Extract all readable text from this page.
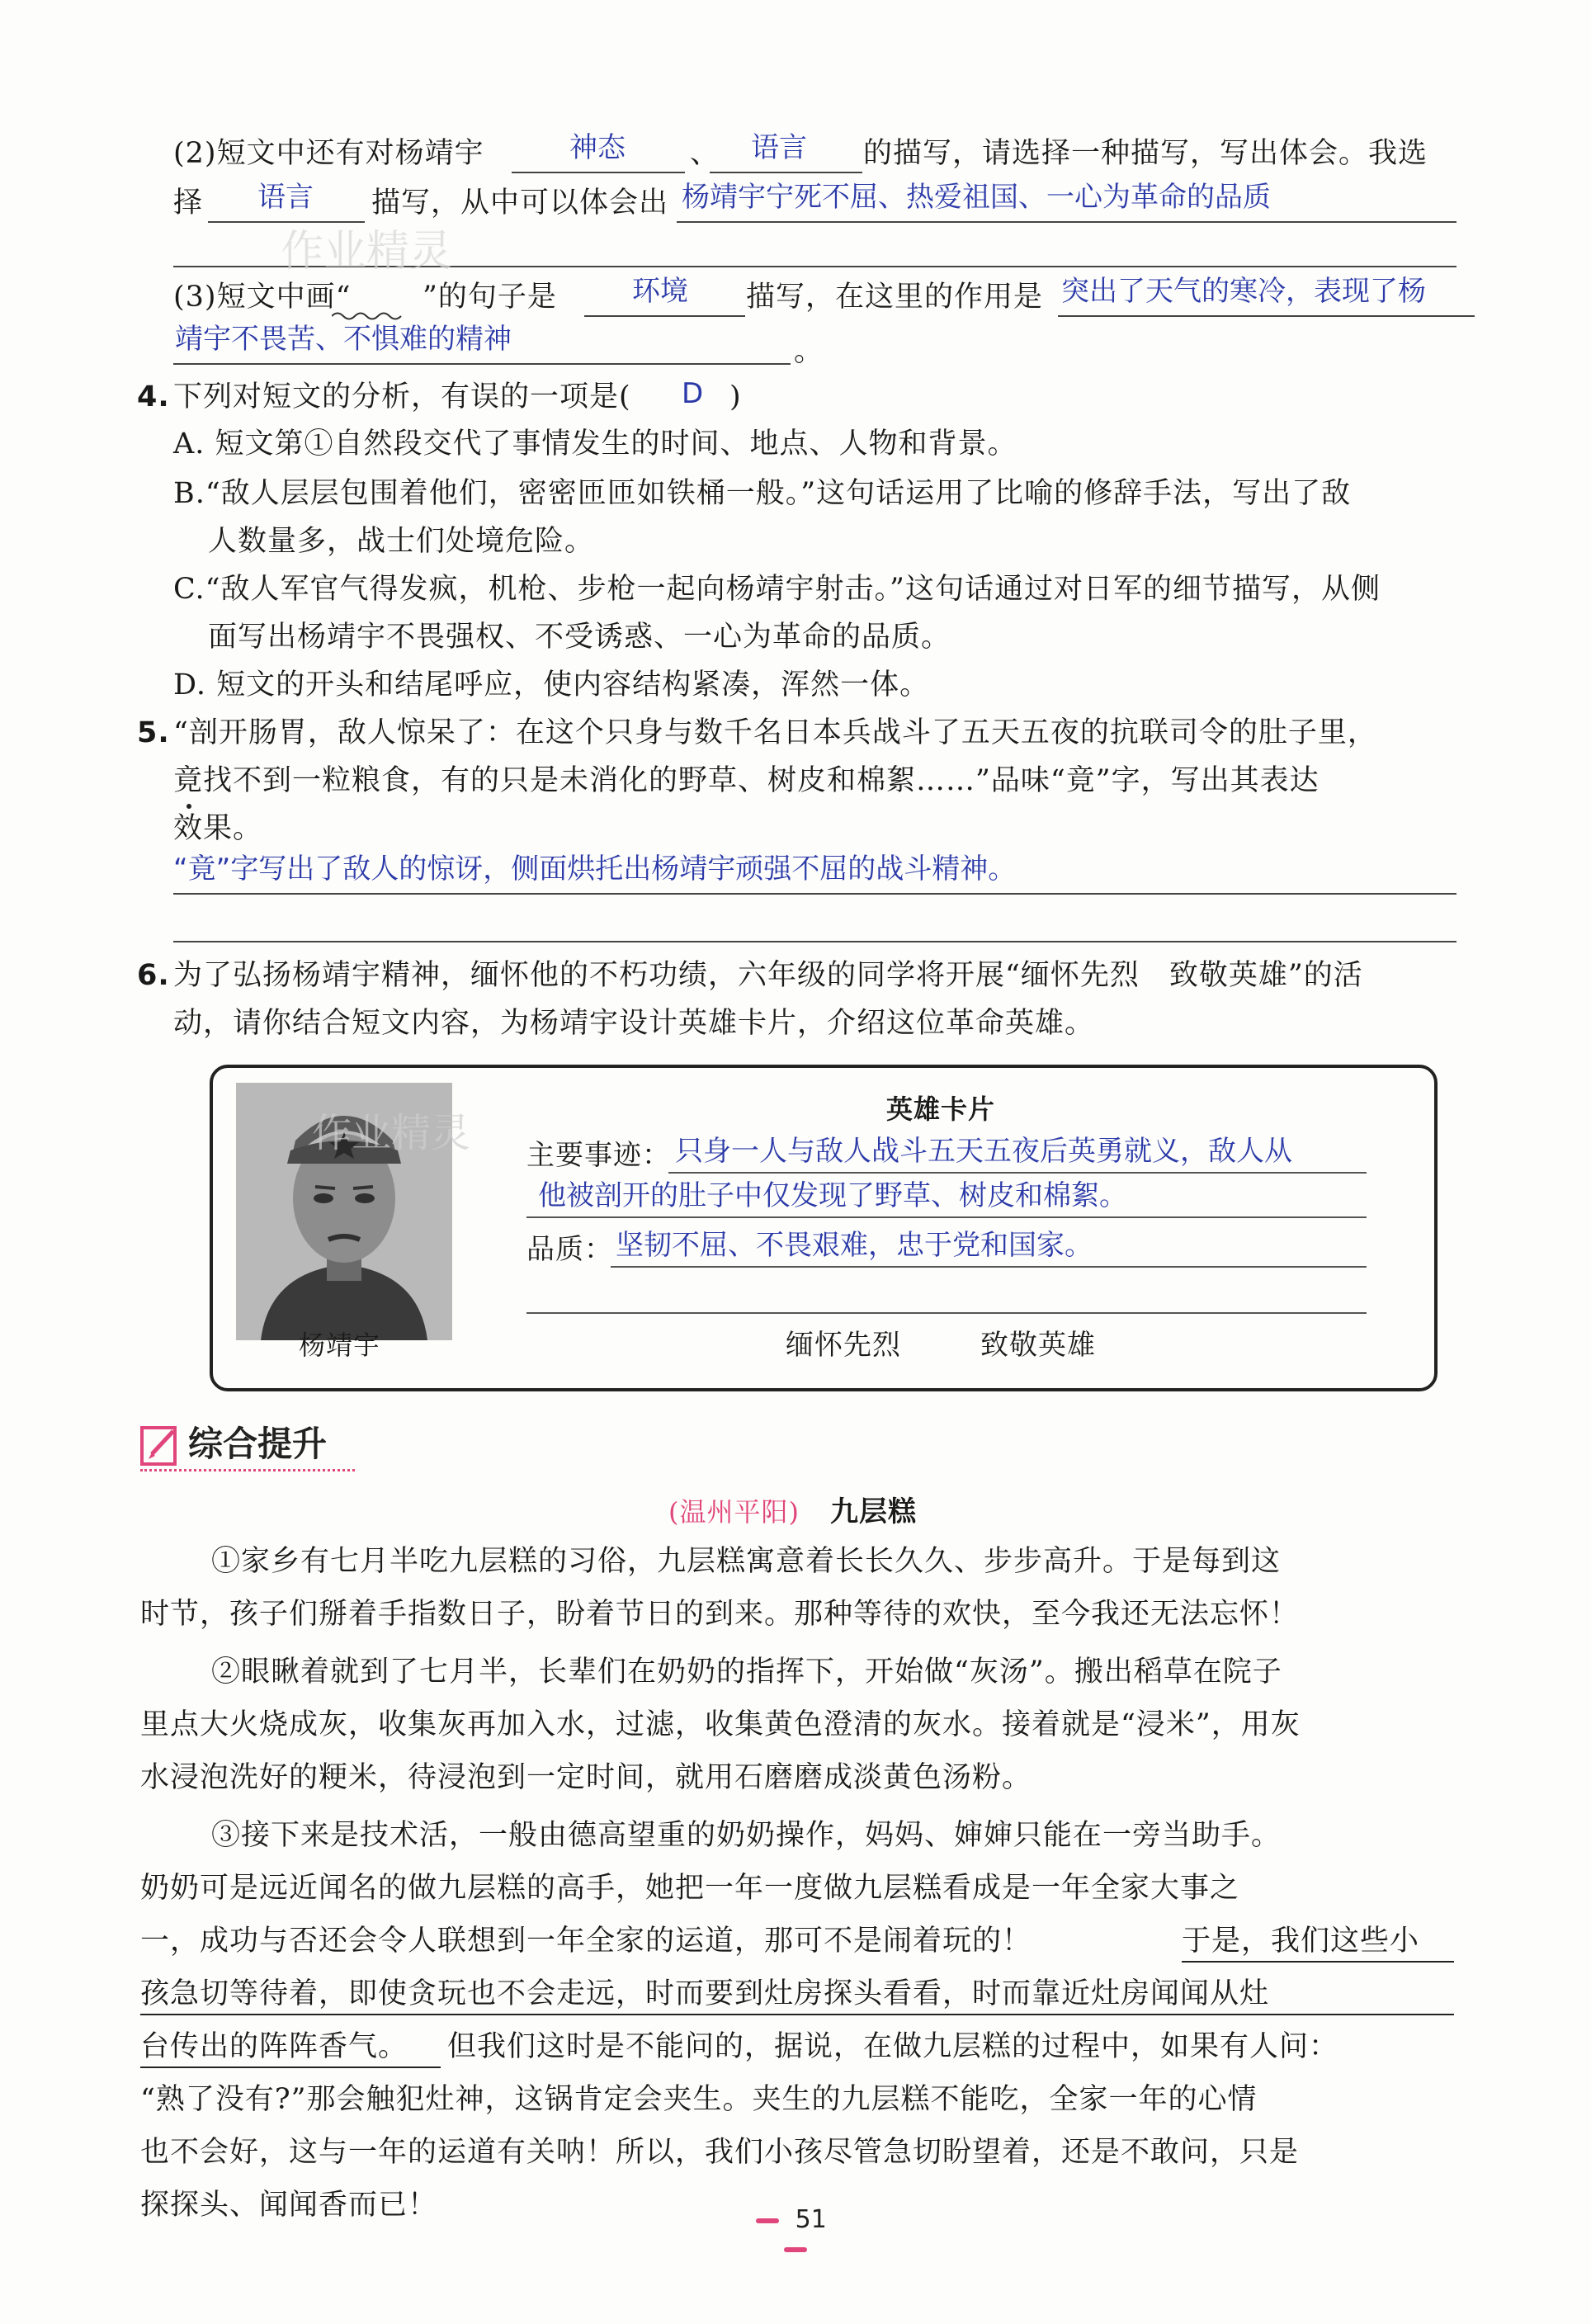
(2)短文中还有对杨靖宇	神态 、 语言 的描写，请选择一种描写，写出体会。我选
择 语言 描写，从中可以体会出 杨靖宇宁死不屈、热爱祖国、一心为革命的品质
作业精灵
(3)短文中画“ ”的句子是	环境 描写，在这里的作用是 突出了天气的寒冷，表现了杨
靖宇不畏苦、不惧难的精神	。
4. 下列对短文的分析，有误的一项是( D )
A. 短文第①自然段交代了事情发生的时间、地点、人物和背景。
B.“敌人层层包围着他们，密密匝匝如铁桶一般。”这句话运用了比喻的修辞手法，写出了敌
人数量多，战士们处境危险。
C.“敌人军官气得发疯，机枪、步枪一起向杨靖宇射击。”这句话通过对日军的细节描写，从侧
面写出杨靖宇不畏强权、不受诱惑、一心为革命的品质。
D. 短文的开头和结尾呼应，使内容结构紧凑，浑然一体。
5. “剖开肠胃，敌人惊呆了：在这个只身与数千名日本兵战斗了五天五夜的抗联司令的肚子里，
竟找不到一粒粮食，有的只是未消化的野草、树皮和棉絮……”品味“竟”字，写出其表达
效果。
“竟”字写出了敌人的惊讶，侧面烘托出杨靖宇顽强不屈的战斗精神。
6. 为了弘扬杨靖宇精神，缅怀他的不朽功绩，六年级的同学将开展“缅怀先烈　致敬英雄”的活
动，请你结合短文内容，为杨靖宇设计英雄卡片，介绍这位革命英雄。
作业精灵
英雄卡片
主要事迹： 只身一人与敌人战斗五天五夜后英勇就义，敌人从
他被剖开的肚子中仅发现了野草、树皮和棉絮。
品质： 坚韧不屈、不畏艰难，忠于党和国家。
杨靖宇	缅怀先烈	致敬英雄
综合提升
(温州平阳) 九层糕
①家乡有七月半吃九层糕的习俗，九层糕寓意着长长久久、步步高升。于是每到这
时节，孩子们掰着手指数日子，盼着节日的到来。那种等待的欢快，至今我还无法忘怀！
②眼瞅着就到了七月半，长辈们在奶奶的指挥下，开始做“灰汤”。搬出稻草在院子
里点大火烧成灰，收集灰再加入水，过滤，收集黄色澄清的灰水。接着就是“浸米”，用灰
水浸泡洗好的粳米，待浸泡到一定时间，就用石磨磨成淡黄色汤粉。
③接下来是技术活，一般由德高望重的奶奶操作，妈妈、婶婶只能在一旁当助手。
奶奶可是远近闻名的做九层糕的高手，她把一年一度做九层糕看成是一年全家大事之
一，成功与否还会令人联想到一年全家的运道，那可不是闹着玩的！	于是，我们这些小
孩急切等待着，即使贪玩也不会走远，时而要到灶房探头看看，时而靠近灶房闻闻从灶
台传出的阵阵香气。 但我们这时是不能问的，据说，在做九层糕的过程中，如果有人问：
“熟了没有?”那会触犯灶神，这锅肯定会夹生。夹生的九层糕不能吃，全家一年的心情
也不会好，这与一年的运道有关呐！所以，我们小孩尽管急切盼望着，还是不敢问，只是
探探头、闻闻香而已！	51
